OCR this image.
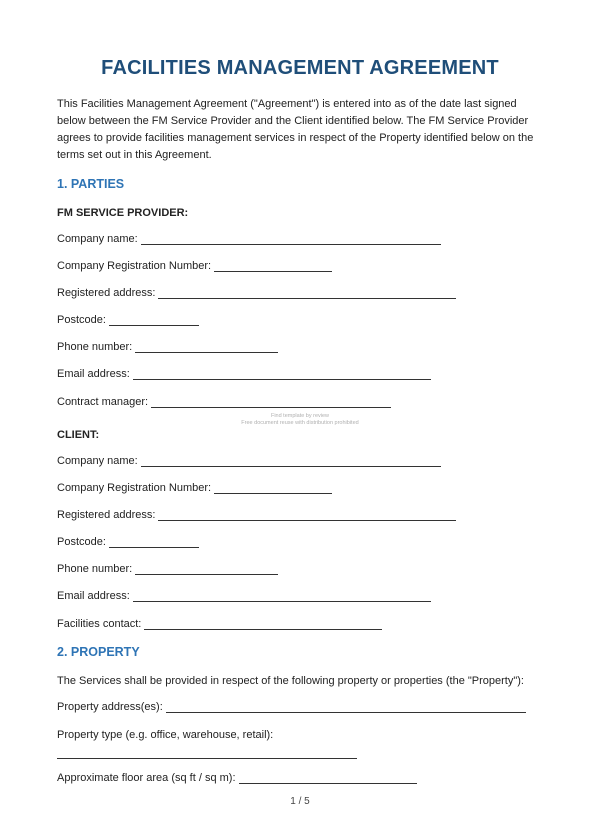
FACILITIES MANAGEMENT AGREEMENT
This Facilities Management Agreement ("Agreement") is entered into as of the date last signed below between the FM Service Provider and the Client identified below. The FM Service Provider agrees to provide facilities management services in respect of the Property identified below on the terms set out in this Agreement.
1. PARTIES
FM SERVICE PROVIDER:
Company name:
Company Registration Number:
Registered address:
Postcode:
Phone number:
Email address:
Contract manager:
Find template by review
Free document reuse with distribution prohibited
CLIENT:
Company name:
Company Registration Number:
Registered address:
Postcode:
Phone number:
Email address:
Facilities contact:
2. PROPERTY
The Services shall be provided in respect of the following property or properties (the "Property"):
Property address(es):
Property type (e.g. office, warehouse, retail):
Approximate floor area (sq ft / sq m):
1 / 5
